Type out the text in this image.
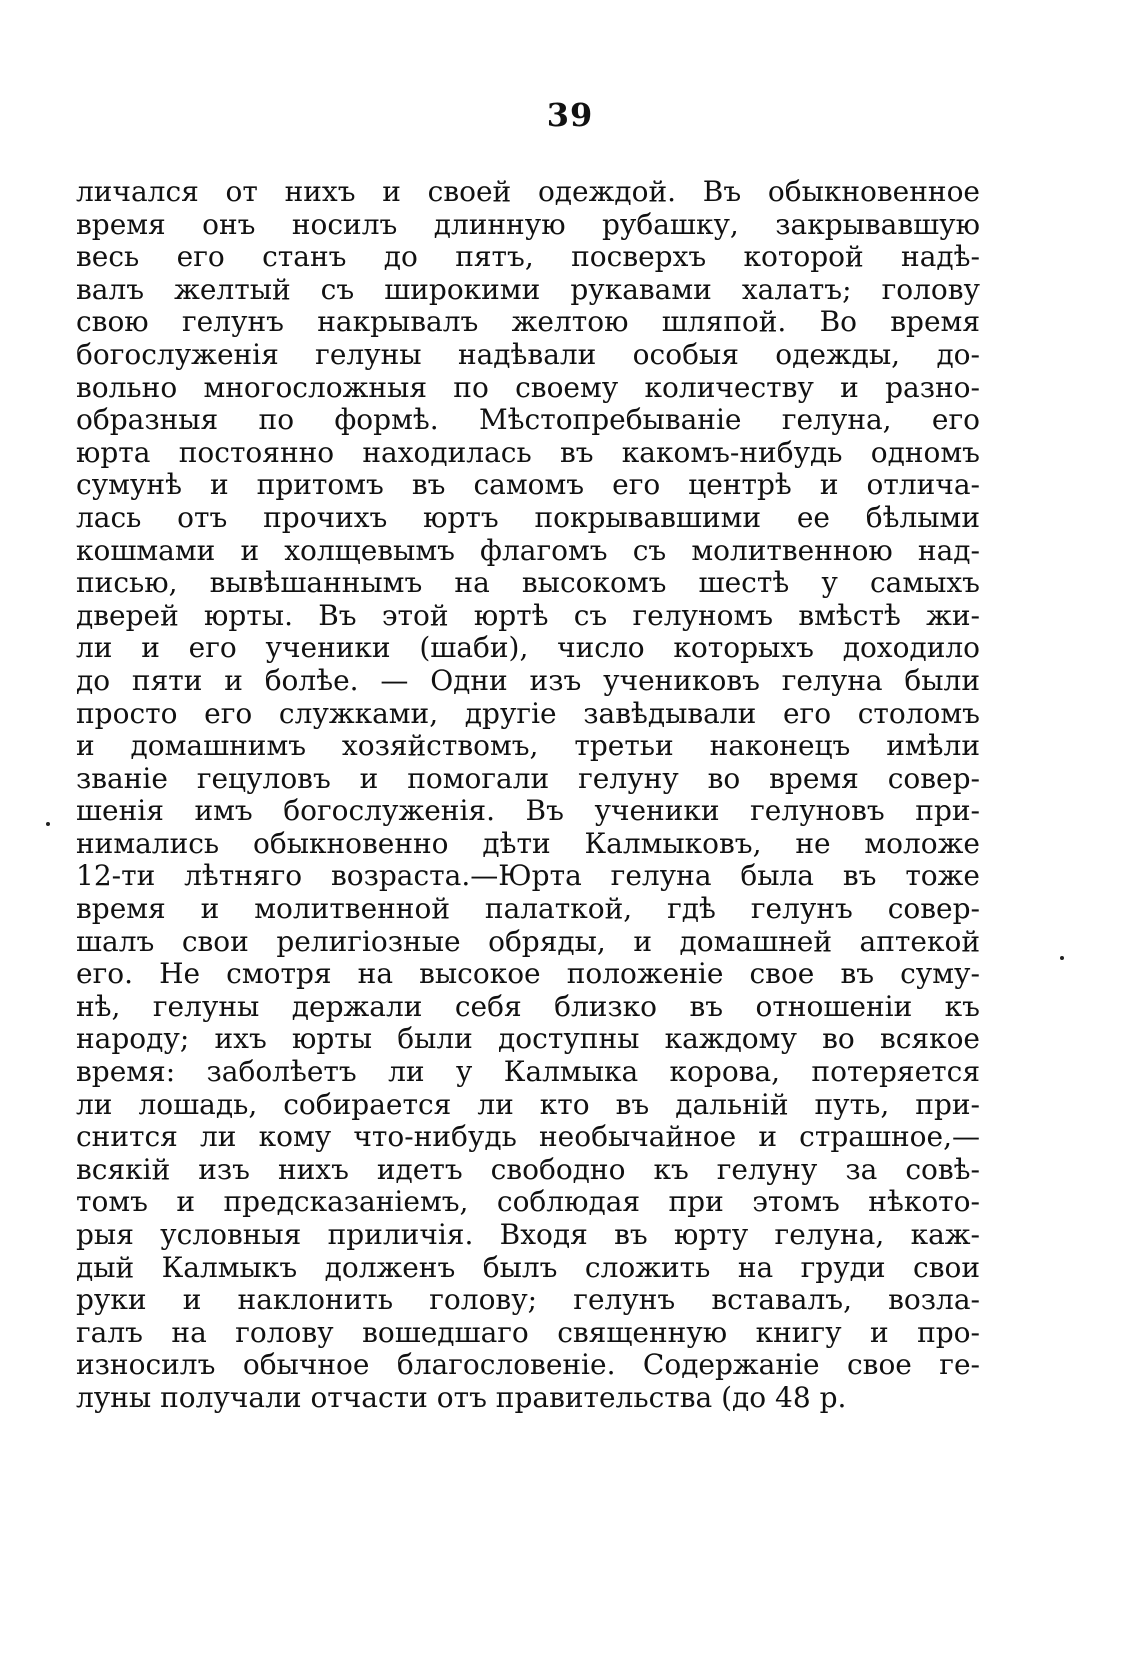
39
личался от нихъ и своей одеждой. Въ обыкновенное
время онъ носилъ длинную рубашку, закрывавшую
весь его станъ до пятъ, посверхъ которой надѣ-
валъ желтый съ широкими рукавами халатъ; голову
свою гелунъ накрывалъ желтою шляпой. Во время
богослуженія гелуны надѣвали особыя одежды, до-
вольно многосложныя по своему количеству и разно-
образныя по формѣ. Мѣстопребываніе гелуна, его
юрта постоянно находилась въ какомъ-нибудь одномъ
сумунѣ и притомъ въ самомъ его центрѣ и отлича-
лась отъ прочихъ юртъ покрывавшими ее бѣлыми
кошмами и холщевымъ флагомъ съ молитвенною над-
писью, вывѣшаннымъ на высокомъ шестѣ у самыхъ
дверей юрты. Въ этой юртѣ съ гелуномъ вмѣстѣ жи-
ли и его ученики (шаби), число которыхъ доходило
до пяти и болѣе. — Одни изъ учениковъ гелуна были
просто его служками, другіе завѣдывали его столомъ
и домашнимъ хозяйствомъ, третьи наконецъ имѣли
званіе гецуловъ и помогали гелуну во время совер-
шенія имъ богослуженія. Въ ученики гелуновъ при-
нимались обыкновенно дѣти Калмыковъ, не моложе
12-ти лѣтняго возраста.—Юрта гелуна была въ тоже
время и молитвенной палаткой, гдѣ гелунъ совер-
шалъ свои религіозные обряды, и домашней аптекой
его. Не смотря на высокое положеніе свое въ суму-
нѣ, гелуны держали себя близко въ отношеніи къ
народу; ихъ юрты были доступны каждому во всякое
время: заболѣетъ ли у Калмыка корова, потеряется
ли лошадь, собирается ли кто въ дальній путь, при-
снится ли кому что-нибудь необычайное и страшное,—
всякій изъ нихъ идетъ свободно къ гелуну за совѣ-
томъ и предсказаніемъ, соблюдая при этомъ нѣкото-
рыя условныя приличія. Входя въ юрту гелуна, каж-
дый Калмыкъ долженъ былъ сложить на груди свои
руки и наклонить голову; гелунъ вставалъ, возла-
галъ на голову вошедшаго священную книгу и про-
износилъ обычное благословеніе. Содержаніе свое ге-
луны получали отчасти отъ правительства (до 48 р.
